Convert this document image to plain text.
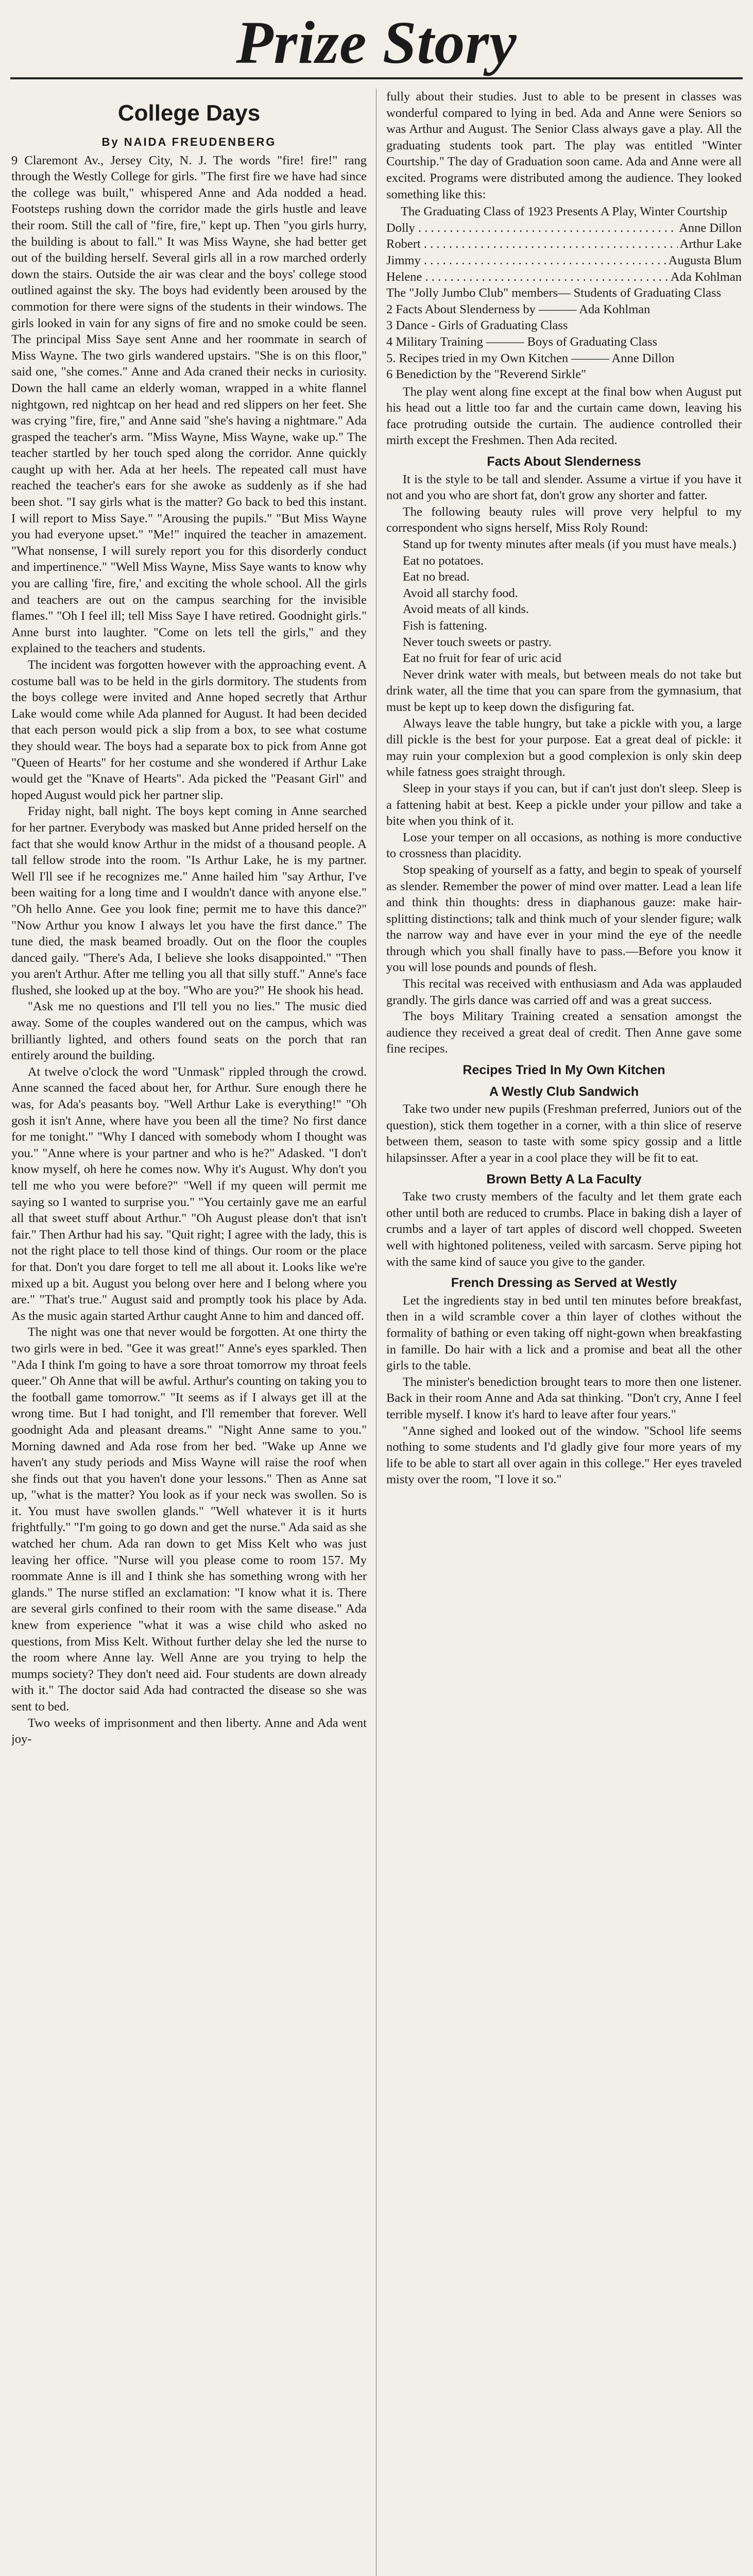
Prize Story
College Days
By NAIDA FREUDENBERG

9 Claremont Av., Jersey City, N. J. The words "fire! fire!" rang through the Westly College for girls. "The first fire we have had since the college was built," whispered Anne and Ada nodded a head. Footsteps rushing down the corridor made the girls hustle and leave their room. Still the call of "fire, fire," kept up. Then "you girls hurry, the building is about to fall." It was Miss Wayne, she had better get out of the building herself. Several girls all in a row marched orderly down the stairs. Outside the air was clear and the boys' college stood outlined against the sky. The boys had evidently been aroused by the commotion for there were signs of the students in their windows. The girls looked in vain for any signs of fire and no smoke could be seen. The principal Miss Saye sent Anne and her roommate in search of Miss Wayne. The two girls wandered upstairs. "She is on this floor," said one, "she comes." Anne and Ada craned their necks in curiosity. Down the hall came an elderly woman, wrapped in a white flannel nightgown, red nightcap on her head and red slippers on her feet. She was crying "fire, fire," and Anne said "she's having a nightmare." Ada grasped the teacher's arm. "Miss Wayne, Miss Wayne, wake up." The teacher startled by her touch sped along the corridor. Anne quickly caught up with her. Ada at her heels. The repeated call must have reached the teacher's ears for she awoke as suddenly as if she had been shot. "I say girls what is the matter? Go back to bed this instant. I will report to Miss Saye." "Arousing the pupils." "But Miss Wayne you had everyone upset." "Me!" inquired the teacher in amazement. "What nonsense, I will surely report you for this disorderly conduct and impertinence." "Well Miss Wayne, Miss Saye wants to know why you are calling 'fire, fire,' and exciting the whole school. All the girls and teachers are out on the campus searching for the invisible flames." "Oh I feel ill; tell Miss Saye I have retired. Goodnight girls." Anne burst into laughter. "Come on lets tell the girls," and they explained to the teachers and students.

The incident was forgotten however with the approaching event. A costume ball was to be held in the girls dormitory. The students from the boys college were invited and Anne hoped secretly that Arthur Lake would come while Ada planned for August. It had been decided that each person would pick a slip from a box, to see what costume they should wear. The boys had a separate box to pick from Anne got "Queen of Hearts" for her costume and she wondered if Arthur Lake would get the "Knave of Hearts". Ada picked the "Peasant Girl" and hoped August would pick her partner slip.

Friday night, ball night. The boys kept coming in Anne searched for her partner. Everybody was masked but Anne prided herself on the fact that she would know Arthur in the midst of a thousand people. A tall fellow strode into the room. "Is Arthur Lake, he is my partner. Well I'll see if he recognizes me." Anne hailed him "say Arthur, I've been waiting for a long time and I wouldn't dance with anyone else." "Oh hello Anne. Gee you look fine; permit me to have this dance?" "Now Arthur you know I always let you have the first dance." The tune died, the mask beamed broadly. Out on the floor the couples danced gaily. "There's Ada, I believe she looks disappointed." "Then you aren't Arthur. After me telling you all that silly stuff." Anne's face flushed, she looked up at the boy. "Who are you?" He shook his head.

"Ask me no questions and I'll tell you no lies." The music died away. Some of the couples wandered out on the campus, which was brilliantly lighted, and others found seats on the porch that ran entirely around the building.

At twelve o'clock the word "Unmask" rippled through the crowd. Anne scanned the faced about her, for Arthur. Sure enough there he was, for Ada's peasants boy. "Well Arthur Lake is everything!" "Oh gosh it isn't Anne, where have you been all the time? No first dance for me tonight." "Why I danced with somebody whom I thought was you." "Anne where is your partner and who is he?" Adasked. "I don't know myself, oh here he comes now. Why it's August. Why don't you tell me who you were before?" "Well if my queen will permit me saying so I wanted to surprise you." "You certainly gave me an earful all that sweet stuff about Arthur." "Oh August please don't that isn't fair." Then Arthur had his say. "Quit right; I agree with the lady, this is not the right place to tell those kind of things. Our room or the place for that. Don't you dare forget to tell me all about it. Looks like we're mixed up a bit. August you belong over here and I belong where you are." "That's true." August said and promptly took his place by Ada. As the music again started Arthur caught Anne to him and danced off.

The night was one that never would be forgotten. At one thirty the two girls were in bed. "Gee it was great!" Anne's eyes sparkled. Then "Ada I think I'm going to have a sore throat tomorrow my throat feels queer." Oh Anne that will be awful. Arthur's counting on taking you to the football game tomorrow." "It seems as if I always get ill at the wrong time. But I had tonight, and I'll remember that forever. Well goodnight Ada and pleasant dreams." "Night Anne same to you." Morning dawned and Ada rose from her bed. "Wake up Anne we haven't any study periods and Miss Wayne will raise the roof when she finds out that you haven't done your lessons." Then as Anne sat up, "what is the matter? You look as if your neck was swollen. So is it. You must have swollen glands." "Well whatever it is it hurts frightfully." "I'm going to go down and get the nurse." Ada said as she watched her chum. Ada ran down to get Miss Kelt who was just leaving her office. "Nurse will you please come to room 157. My roommate Anne is ill and I think she has something wrong with her glands." The nurse stifled an exclamation: "I know what it is. There are several girls confined to their room with the same disease." Ada knew from experience "what it was a wise child who asked no questions, from Miss Kelt. Without further delay she led the nurse to the room where Anne lay. Well Anne are you trying to help the mumps society? They don't need aid. Four students are down already with it." The doctor said Ada had contracted the disease so she was sent to bed.

Two weeks of imprisonment and then liberty. Anne and Ada went joy-

fully about their studies. Just to able to be present in classes was wonderful compared to lying in bed. Ada and Anne were Seniors so was Arthur and August. The Senior Class always gave a play. All the graduating students took part. The play was entitled "Winter Courtship." The day of Graduation soon came. Ada and Anne were all excited. Programs were distributed among the audience. They looked something like this:

The Graduating Class of 1923 Presents A Play, Winter Courtship

Dolly . . .	Anne Dillon

Robert . . .	Arthur Lake

Jimmy . . .	Augusta Blum

Helene . . .	Ada Kohlman

The "Jolly Jumbo Club" members— Students of Graduating Class

2 Facts About Slenderness by ——— Ada Kohlman

3 Dance - Girls of Graduating Class

4 Military Training ——— Boys of Graduating Class

5. Recipes tried in my Own Kitchen ——— Anne Dillon

6 Benediction by the "Reverend Sirkle"

The play went along fine except at the final bow when August put his head out a little too far and the curtain came down, leaving his face protruding outside the curtain. The audience controlled their mirth except the Freshmen. Then Ada recited.

Facts About Slenderness

It is the style to be tall and slender. Assume a virtue if you have it not and you who are short fat, don't grow any shorter and fatter.

The following beauty rules will prove very helpful to my correspondent who signs herself, Miss Roly Round:

Stand up for twenty minutes after meals (if you must have meals.)

Eat no potatoes.

Eat no bread.

Avoid all starchy food.

Avoid meats of all kinds.

Fish is fattening.

Never touch sweets or pastry.

Eat no fruit for fear of uric acid

Never drink water with meals, but between meals do not take but drink water, all the time that you can spare from the gymnasium, that must be kept up to keep down the disfiguring fat.

Always leave the table hungry, but take a pickle with you, a large dill pickle is the best for your purpose. Eat a great deal of pickle: it may ruin your complexion but a good complexion is only skin deep while fatness goes straight through.

Sleep in your stays if you can, but if can't just don't sleep. Sleep is a fattening habit at best. Keep a pickle under your pillow and take a bite when you think of it.

Lose your temper on all occasions, as nothing is more conductive to crossness than placidity.

Stop speaking of yourself as a fatty, and begin to speak of yourself as slender. Remember the power of mind over matter. Lead a lean life and think thin thoughts: dress in diaphanous gauze: make hair-splitting distinctions; talk and think much of your slender figure; walk the narrow way and have ever in your mind the eye of the needle through which you shall finally have to pass.—Before you know it you will lose pounds and pounds of flesh.

This recital was received with enthusiasm and Ada was applauded grandly. The girls dance was carried off and was a great success.

The boys Military Training created a sensation amongst the audience they received a great deal of credit. Then Anne gave some fine recipes.

Recipes Tried In My Own Kitchen
A Westly Club Sandwich

Take two under new pupils (Freshman preferred, Juniors out of the question), stick them together in a corner, with a thin slice of reserve between them, season to taste with some spicy gossip and a little hilapsinsser. After a year in a cool place they will be fit to eat.

Brown Betty A La Faculty

Take two crusty members of the faculty and let them grate each other until both are reduced to crumbs. Place in baking dish a layer of crumbs and a layer of tart apples of discord well chopped. Sweeten well with hightoned politeness, veiled with sarcasm. Serve piping hot with the same kind of sauce you give to the gander.

French Dressing as Served at Westly

Let the ingredients stay in bed until ten minutes before breakfast, then in a wild scramble cover a thin layer of clothes without the formality of bathing or even taking off night-gown when breakfasting in famille. Do hair with a lick and a promise and beat all the other girls to the table.

The minister's benediction brought tears to more then one listener. Back in their room Anne and Ada sat thinking. "Don't cry, Anne I feel terrible myself. I know it's hard to leave after four years."

"Anne sighed and looked out of the window. "School life seems nothing to some students and I'd gladly give four more years of my life to be able to start all over again in this college." Her eyes traveled misty over the room, "I love it so."
